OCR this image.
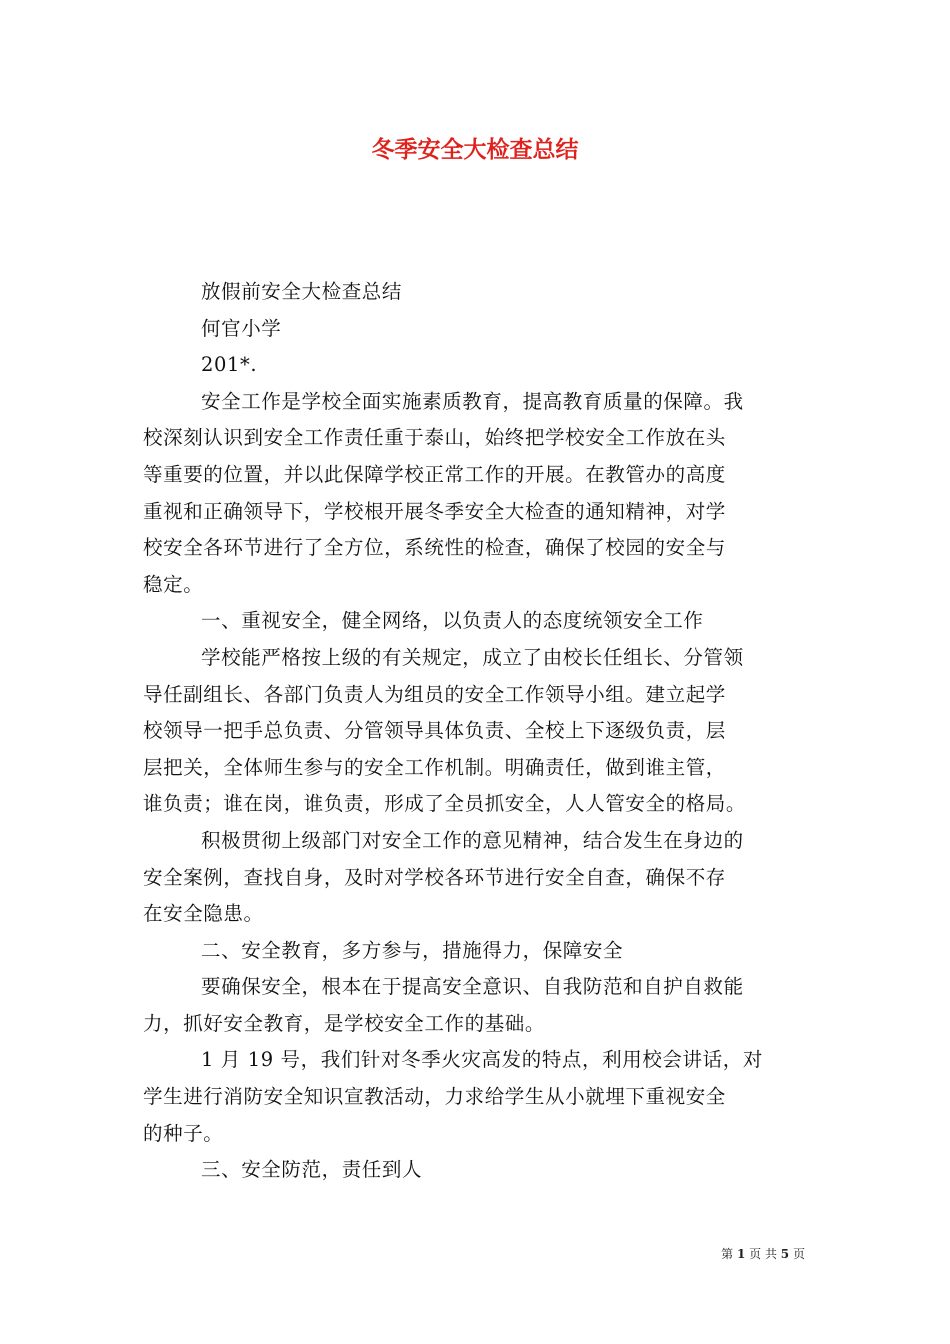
冬季安全大检查总结

放假前安全大检查总结

何官小学

201*.

安全工作是学校全面实施素质教育，提高教育质量的保障。我

校深刻认识到安全工作责任重于泰山，始终把学校安全工作放在头

等重要的位置，并以此保障学校正常工作的开展。在教管办的高度

重视和正确领导下，学校根开展冬季安全大检查的通知精神，对学

校安全各环节进行了全方位，系统性的检查，确保了校园的安全与

稳定。

一、重视安全，健全网络，以负责人的态度统领安全工作

学校能严格按上级的有关规定，成立了由校长任组长、分管领

导任副组长、各部门负责人为组员的安全工作领导小组。建立起学

校领导一把手总负责、分管领导具体负责、全校上下逐级负责，层

层把关，全体师生参与的安全工作机制。明确责任，做到谁主管，

谁负责；谁在岗，谁负责，形成了全员抓安全，人人管安全的格局。

积极贯彻上级部门对安全工作的意见精神，结合发生在身边的

安全案例，查找自身，及时对学校各环节进行安全自查，确保不存

在安全隐患。

二、安全教育，多方参与，措施得力，保障安全

要确保安全，根本在于提高安全意识、自我防范和自护自救能

力，抓好安全教育，是学校安全工作的基础。

1 月 19 号，我们针对冬季火灾高发的特点，利用校会讲话，对

学生进行消防安全知识宣教活动，力求给学生从小就埋下重视安全

的种子。

三、安全防范，责任到人

第 1 页 共 5 页
